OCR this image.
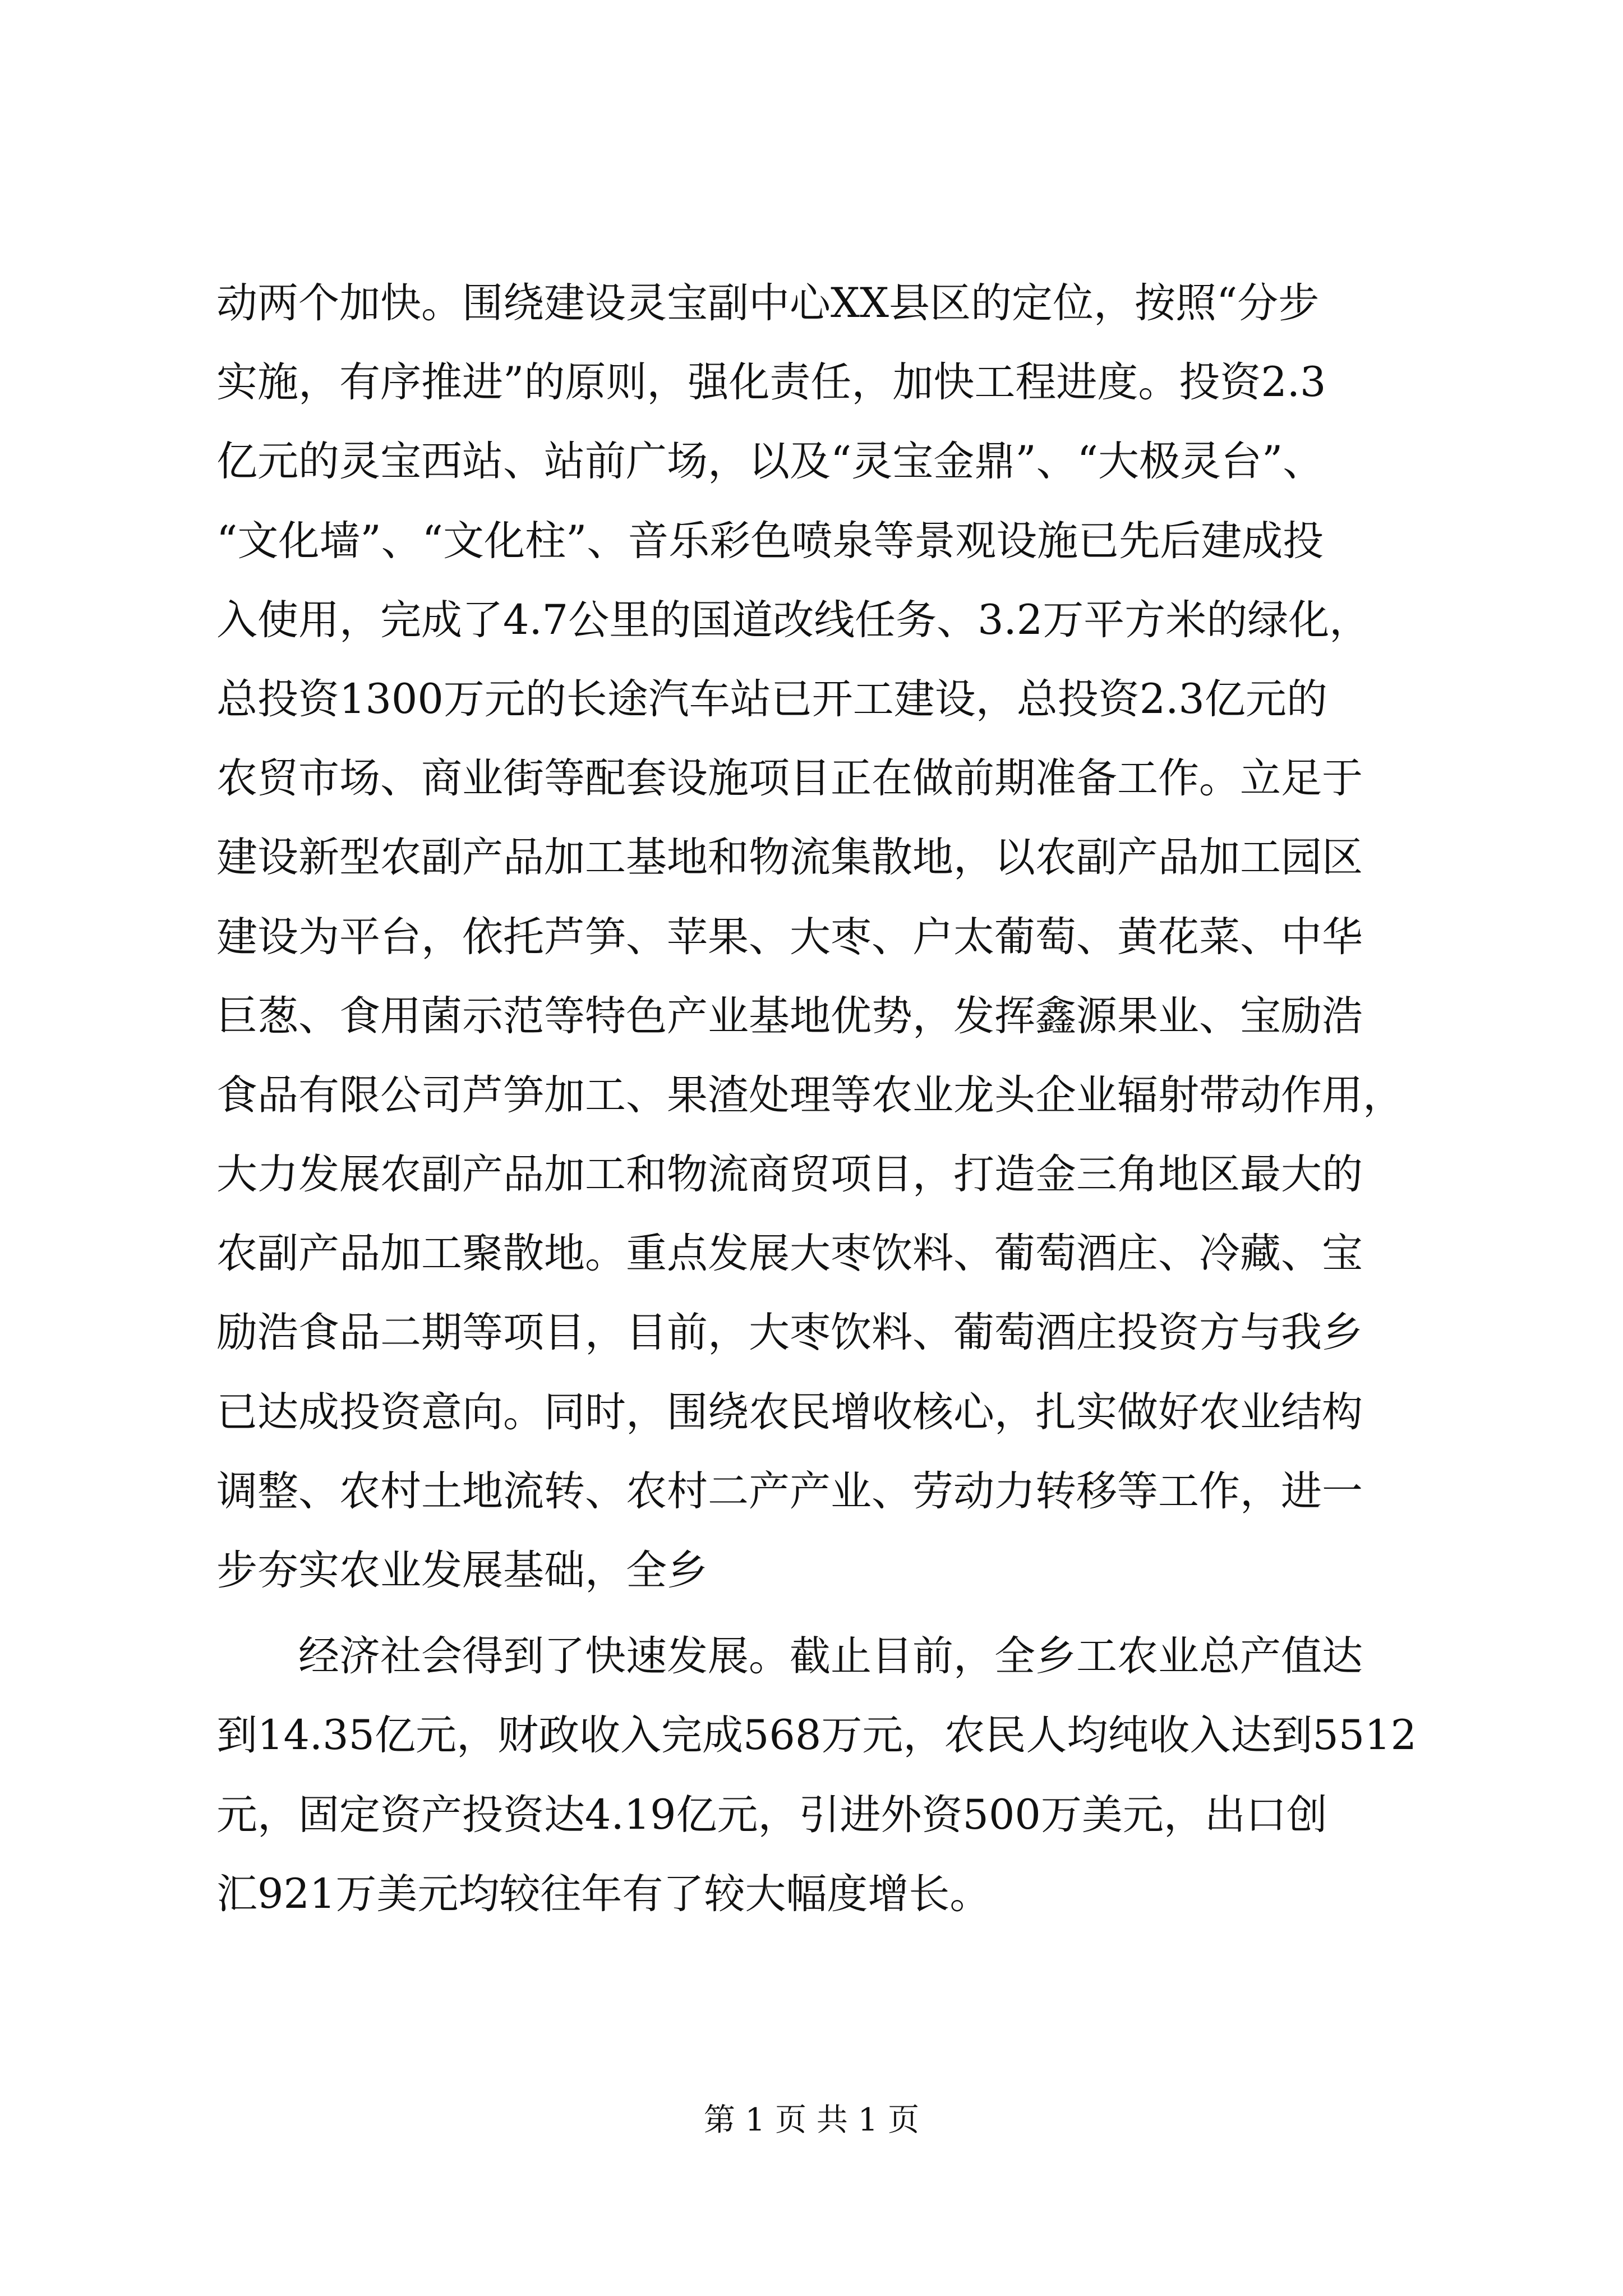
动两个加快。围绕建设灵宝副中心XX县区的定位，按照“分步
实施，有序推进”的原则，强化责任，加快工程进度。投资2.3
亿元的灵宝西站、站前广场，以及“灵宝金鼎”、“大极灵台”、
“文化墙”、“文化柱”、音乐彩色喷泉等景观设施已先后建成投
入使用，完成了4.7公里的国道改线任务、3.2万平方米的绿化，
总投资1300万元的长途汽车站已开工建设，总投资2.3亿元的
农贸市场、商业街等配套设施项目正在做前期准备工作。立足于
建设新型农副产品加工基地和物流集散地，以农副产品加工园区
建设为平台，依托芦笋、苹果、大枣、户太葡萄、黄花菜、中华
巨葱、食用菌示范等特色产业基地优势，发挥鑫源果业、宝励浩
食品有限公司芦笋加工、果渣处理等农业龙头企业辐射带动作用，
大力发展农副产品加工和物流商贸项目，打造金三角地区最大的
农副产品加工聚散地。重点发展大枣饮料、葡萄酒庄、冷藏、宝
励浩食品二期等项目，目前，大枣饮料、葡萄酒庄投资方与我乡
已达成投资意向。同时，围绕农民增收核心，扎实做好农业结构
调整、农村土地流转、农村二产产业、劳动力转移等工作，进一
步夯实农业发展基础，全乡
经济社会得到了快速发展。截止目前，全乡工农业总产值达
到14.35亿元，财政收入完成568万元，农民人均纯收入达到5512
元，固定资产投资达4.19亿元，引进外资500万美元，出口创
汇921万美元均较往年有了较大幅度增长。
第 1 页 共 1 页
